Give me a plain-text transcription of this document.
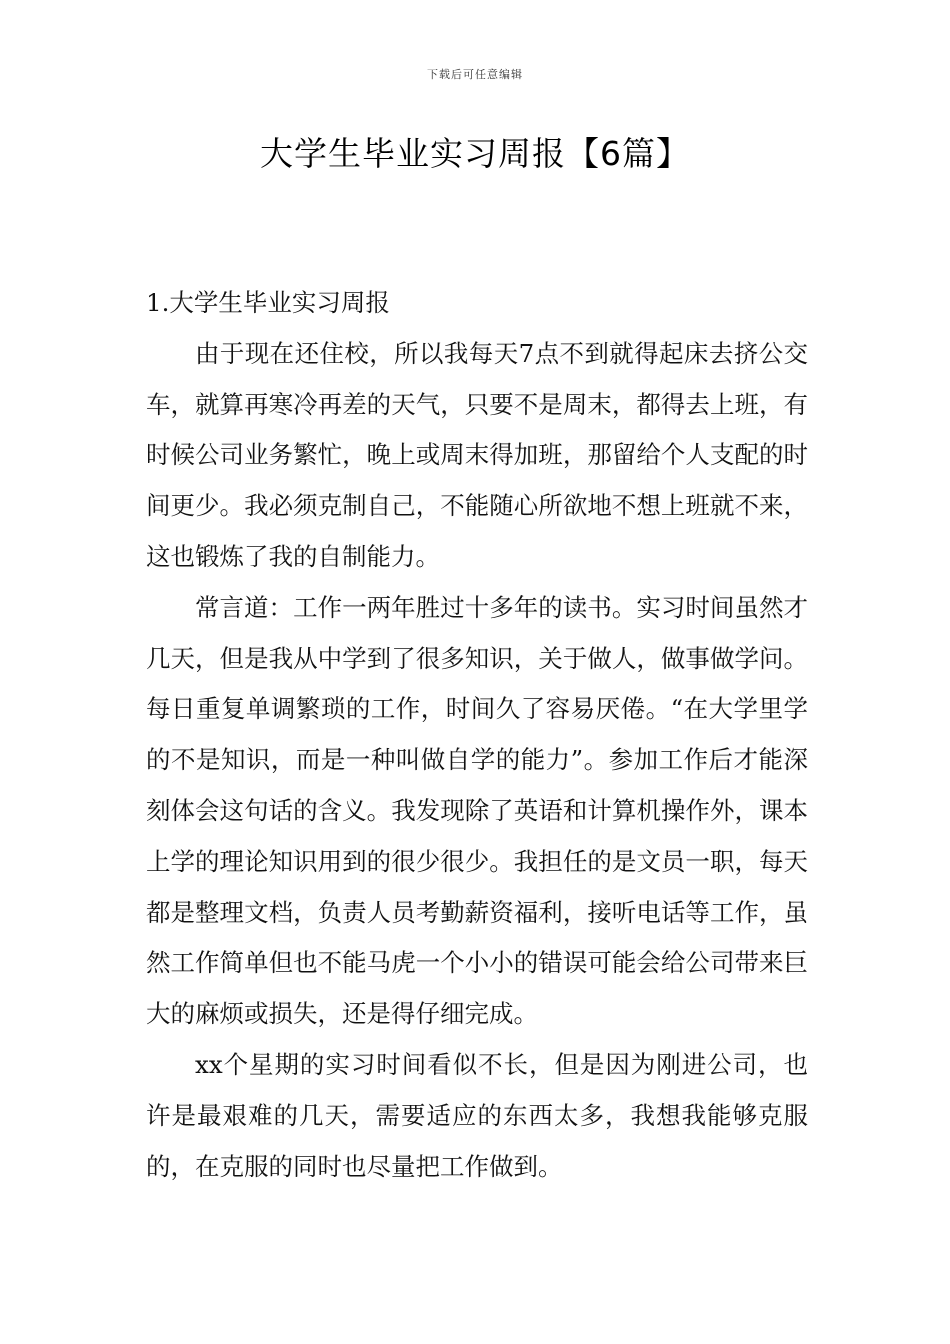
下载后可任意编辑
大学生毕业实习周报【6篇】
1.大学生毕业实习周报

由于现在还住校，所以我每天7点不到就得起床去挤公交车，就算再寒冷再差的天气，只要不是周末，都得去上班，有时候公司业务繁忙，晚上或周末得加班，那留给个人支配的时间更少。我必须克制自己，不能随心所欲地不想上班就不来，这也锻炼了我的自制能力。

常言道：工作一两年胜过十多年的读书。实习时间虽然才几天，但是我从中学到了很多知识，关于做人，做事做学问。每日重复单调繁琐的工作，时间久了容易厌倦。“在大学里学的不是知识，而是一种叫做自学的能力”。参加工作后才能深刻体会这句话的含义。我发现除了英语和计算机操作外，课本上学的理论知识用到的很少很少。我担任的是文员一职，每天都是整理文档，负责人员考勤薪资福利，接听电话等工作，虽然工作简单但也不能马虎一个小小的错误可能会给公司带来巨大的麻烦或损失，还是得仔细完成。

xx个星期的实习时间看似不长，但是因为刚进公司，也许是最艰难的几天，需要适应的东西太多，我想我能够克服的，在克服的同时也尽量把工作做到。
